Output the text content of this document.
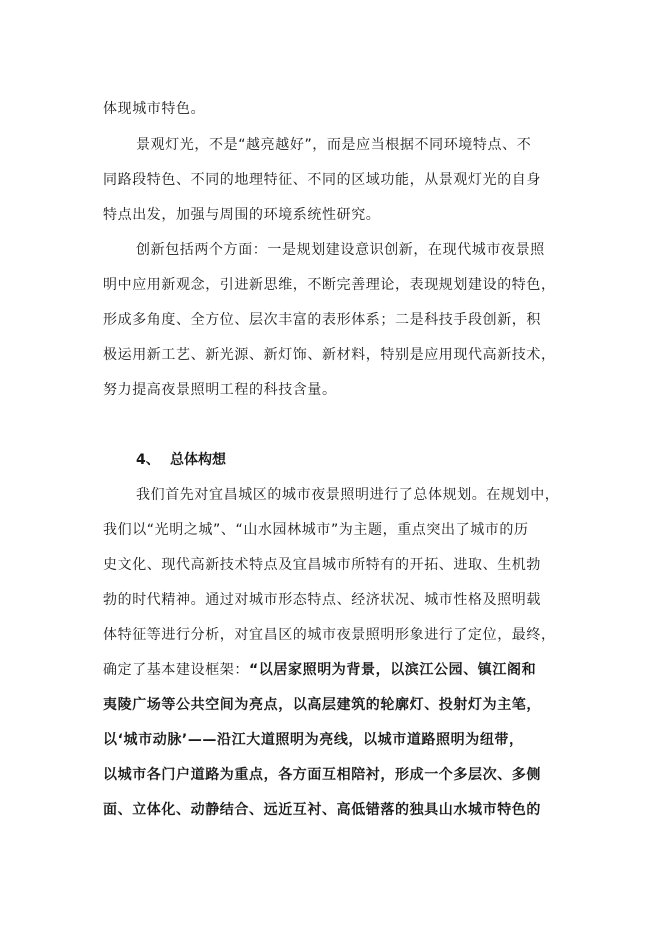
体现城市特色。
景观灯光，不是“越亮越好”，而是应当根据不同环境特点、不
同路段特色、不同的地理特征、不同的区域功能，从景观灯光的自身
特点出发，加强与周围的环境系统性研究。
创新包括两个方面：一是规划建设意识创新，在现代城市夜景照
明中应用新观念，引进新思维，不断完善理论，表现规划建设的特色，
形成多角度、全方位、层次丰富的表形体系；二是科技手段创新，积
极运用新工艺、新光源、新灯饰、新材料，特别是应用现代高新技术，
努力提高夜景照明工程的科技含量。
4、 总体构想
我们首先对宜昌城区的城市夜景照明进行了总体规划。在规划中，
我们以“光明之城”、“山水园林城市”为主题，重点突出了城市的历
史文化、现代高新技术特点及宜昌城市所特有的开拓、进取、生机勃
勃的时代精神。通过对城市形态特点、经济状况、城市性格及照明载
体特征等进行分析，对宜昌区的城市夜景照明形象进行了定位，最终，
确定了基本建设框架：“以居家照明为背景，以滨江公园、镇江阁和
夷陵广场等公共空间为亮点，以高层建筑的轮廓灯、投射灯为主笔，
以‘城市动脉’——沿江大道照明为亮线，以城市道路照明为纽带，
以城市各门户道路为重点，各方面互相陪衬，形成一个多层次、多侧
面、立体化、动静结合、远近互衬、高低错落的独具山水城市特色的
